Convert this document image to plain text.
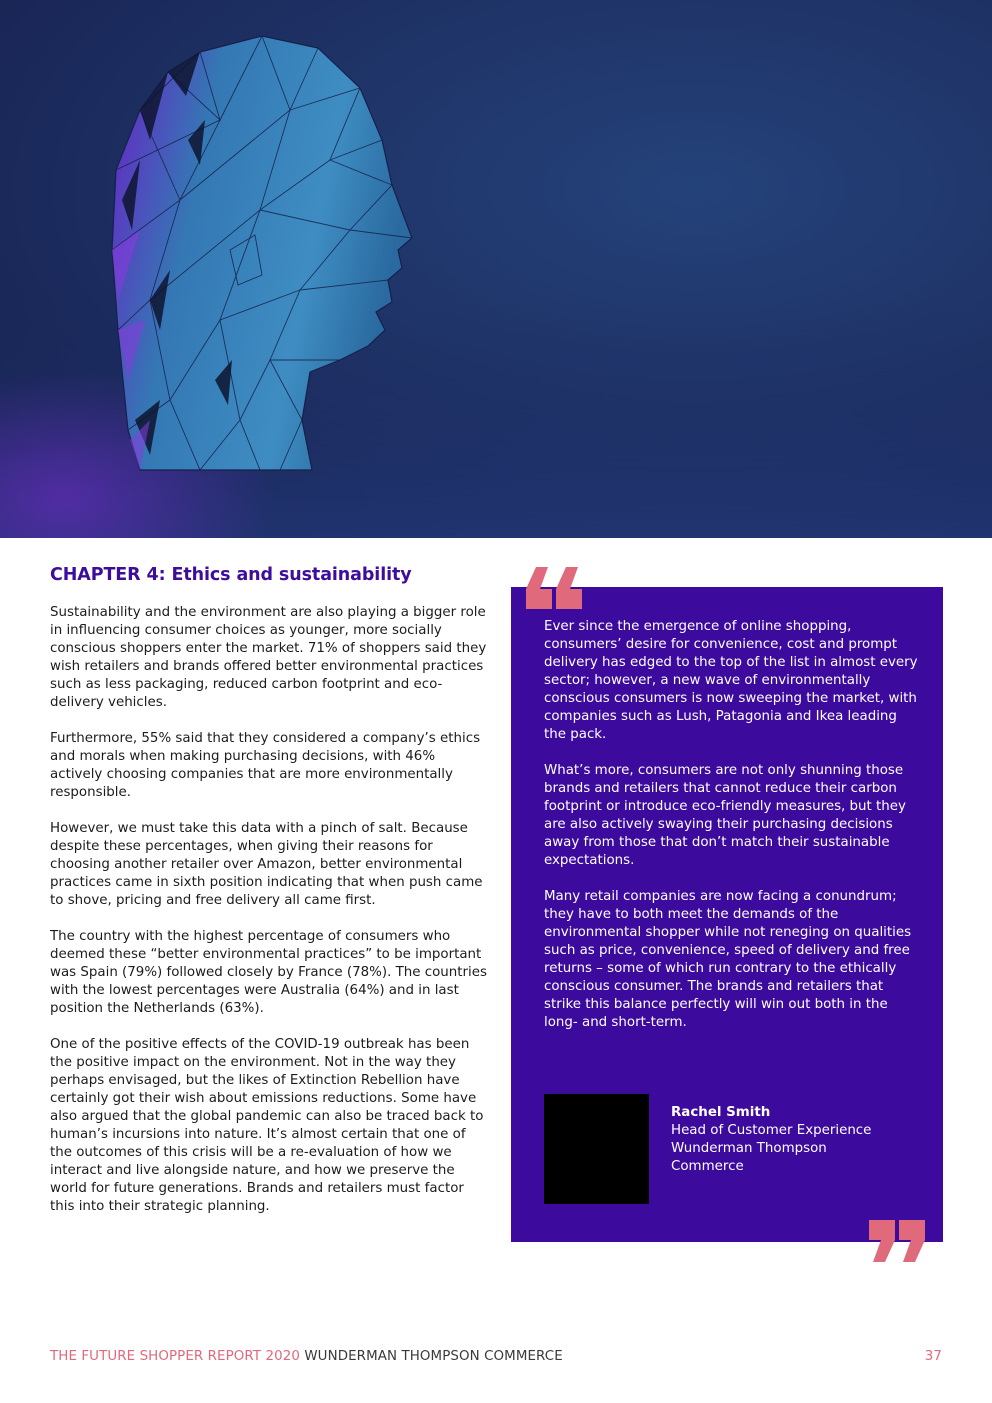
CHAPTER 4: Ethics and sustainability

Sustainability and the environment are also playing a bigger role in influencing consumer choices as younger, more socially conscious shoppers enter the market. 71% of shoppers said they wish retailers and brands offered better environmental practices such as less packaging, reduced carbon footprint and eco-delivery vehicles.

Furthermore, 55% said that they considered a company’s ethics and morals when making purchasing decisions, with 46% actively choosing companies that are more environmentally responsible.

However, we must take this data with a pinch of salt. Because despite these percentages, when giving their reasons for choosing another retailer over Amazon, better environmental practices came in sixth position indicating that when push came to shove, pricing and free delivery all came first.

The country with the highest percentage of consumers who deemed these “better environmental practices” to be important was Spain (79%) followed closely by France (78%). The countries with the lowest percentages were Australia (64%) and in last position the Netherlands (63%).

One of the positive effects of the COVID-19 outbreak has been the positive impact on the environment. Not in the way they perhaps envisaged, but the likes of Extinction Rebellion have certainly got their wish about emissions reductions. Some have also argued that the global pandemic can also be traced back to human’s incursions into nature. It’s almost certain that one of the outcomes of this crisis will be a re-evaluation of how we interact and live alongside nature, and how we preserve the world for future generations. Brands and retailers must factor this into their strategic planning.

Ever since the emergence of online shopping, consumers’ desire for convenience, cost and prompt delivery has edged to the top of the list in almost every sector; however, a new wave of environmentally conscious consumers is now sweeping the market, with companies such as Lush, Patagonia and Ikea leading the pack.

What’s more, consumers are not only shunning those brands and retailers that cannot reduce their carbon footprint or introduce eco-friendly measures, but they are also actively swaying their purchasing decisions away from those that don’t match their sustainable expectations.

Many retail companies are now facing a conundrum; they have to both meet the demands of the environmental shopper while not reneging on qualities such as price, convenience, speed of delivery and free returns – some of which run contrary to the ethically conscious consumer. The brands and retailers that strike this balance perfectly will win out both in the long- and short-term.

Rachel Smith
Head of Customer Experience
Wunderman Thompson
Commerce
THE FUTURE SHOPPER REPORT 2020 WUNDERMAN THOMPSON COMMERCE	37
